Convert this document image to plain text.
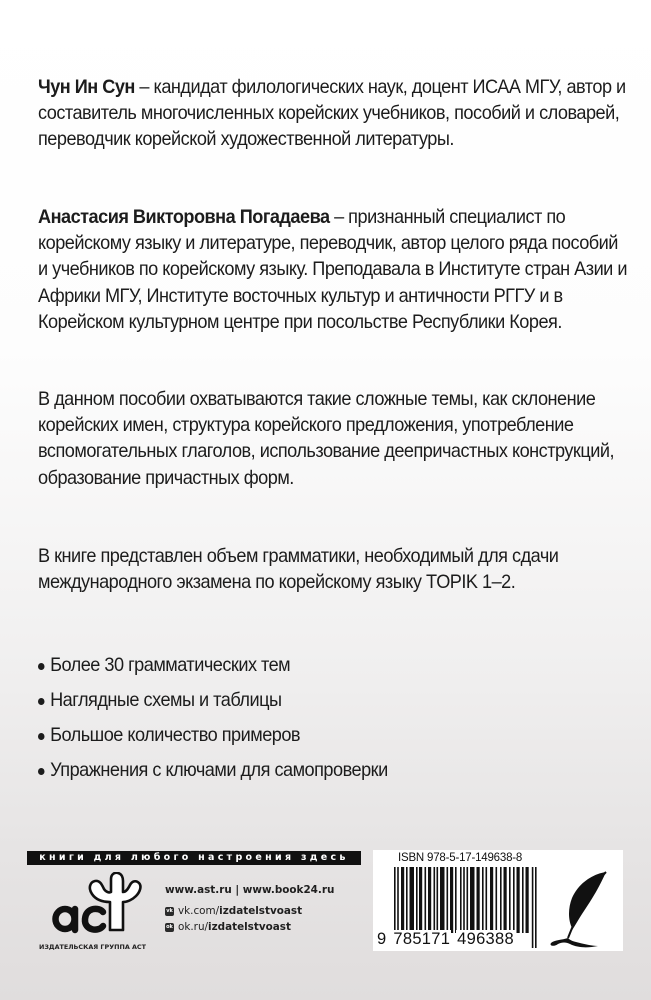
Чун Ин Сун – кандидат филологических наук, доцент ИСАА МГУ, автор и составитель многочисленных корейских учебников, пособий и словарей, переводчик корейской художественной литературы.

Анастасия Викторовна Погадаева – признанный специалист по корейскому языку и литературе, переводчик, автор целого ряда пособий и учебников по корейскому языку. Преподавала в Институте стран Азии и Африки МГУ, Институте восточных культур и античности РГГУ и в Корейском культурном центре при посольстве Республики Корея.

В данном пособии охватываются такие сложные темы, как склонение корейских имен, структура корейского предложения, употребление вспомогательных глаголов, использование деепричастных конструкций, образование причастных форм.

В книге представлен объем грамматики, необходимый для сдачи международного экзамена по корейскому языку TOPIK 1–2.

Более 30 грамматических тем
Наглядные схемы и таблицы
Большое количество примеров
Упражнения с ключами для самопроверки
книги для любого настроения здесь
ИЗДАТЕЛЬСКАЯ ГРУППА АСТ
www.ast.ru | www.book24.ru
vk vk.com/ izdatelstvoast
ok ok.ru/ izdatelstvoast
ISBN 978-5-17-149638-8
9 785171 496388
